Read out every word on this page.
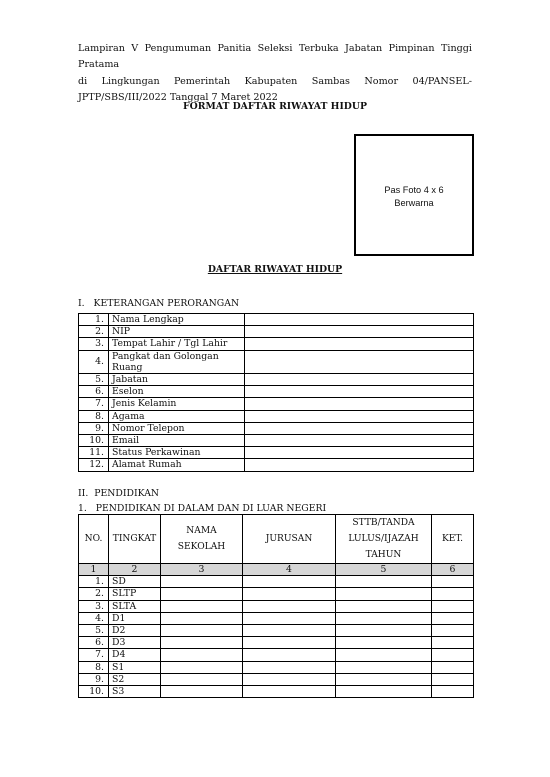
Lampiran V Pengumuman Panitia Seleksi Terbuka Jabatan Pimpinan Tinggi Pratama
di Lingkungan Pemerintah Kabupaten Sambas Nomor 04/PANSEL-
JPTP/SBS/III/2022 Tanggal 7 Maret 2022
FORMAT DAFTAR RIWAYAT HIDUP
Pas Foto 4 x 6
Berwarna
DAFTAR RIWAYAT HIDUP
I.   KETERANGAN PERORANGAN
1.	Nama Lengkap	
2.	NIP	
3.	Tempat Lahir / Tgl Lahir	
4.	Pangkat dan Golongan Ruang	
5.	Jabatan	
6.	Eselon	
7.	Jenis Kelamin	
8.	Agama	
9.	Nomor Telepon	
10.	Email	
11.	Status Perkawinan	
12.	Alamat Rumah	
II.  PENDIDIKAN
1.   PENDIDIKAN DI DALAM DAN DI LUAR NEGERI
NO.	TINGKAT	NAMA SEKOLAH	JURUSAN	STTB/TANDA LULUS/IJAZAH TAHUN	KET.
1	2	3	4	5	6
1.	SD				
2.	SLTP				
3.	SLTA				
4.	D1				
5.	D2				
6.	D3				
7.	D4				
8.	S1				
9.	S2				
10.	S3				
